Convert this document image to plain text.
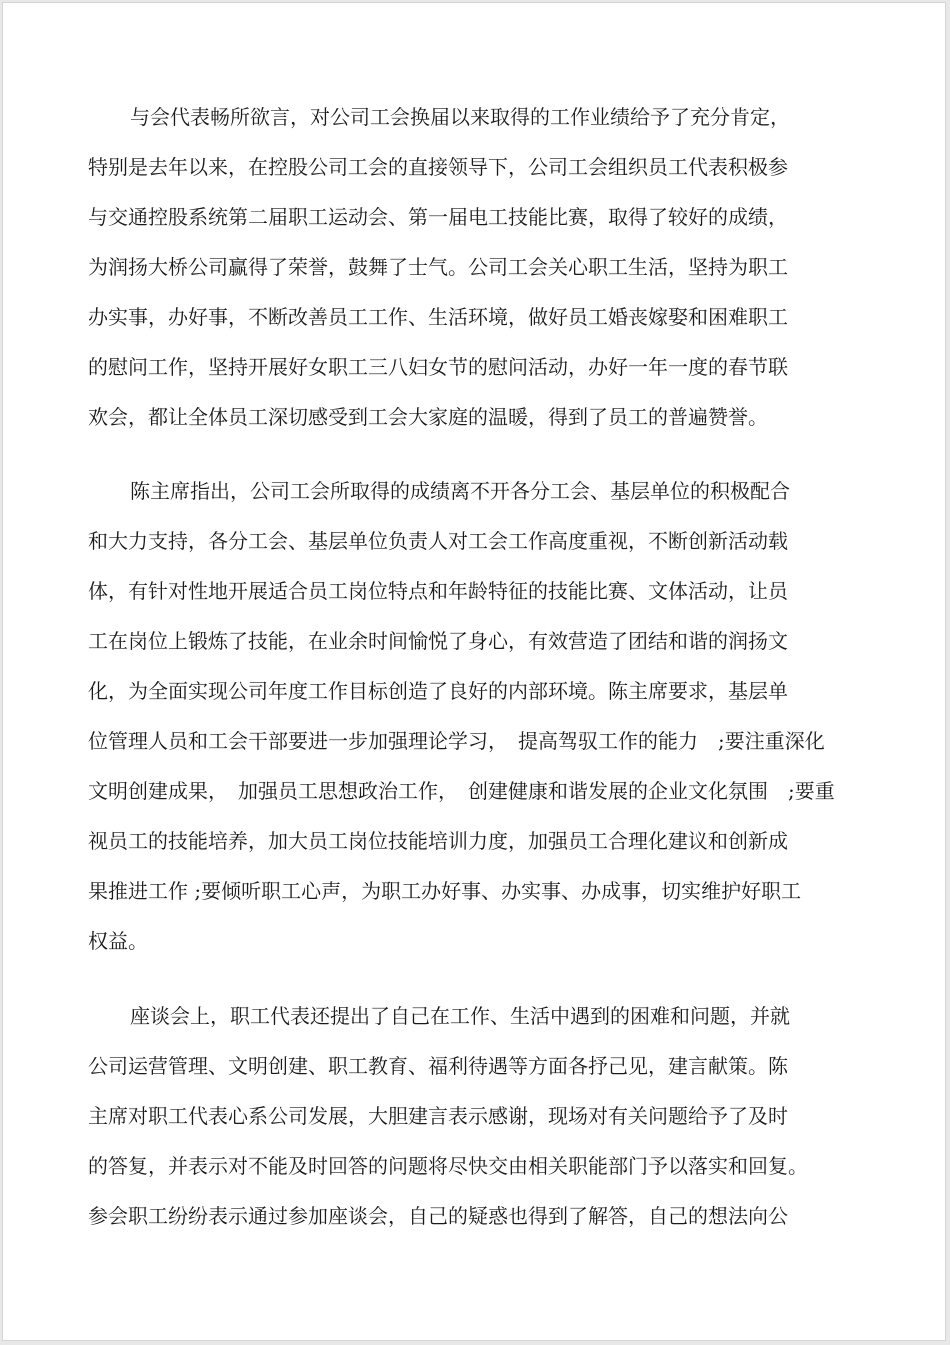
与会代表畅所欲言，对公司工会换届以来取得的工作业绩给予了充分肯定，
特别是去年以来，在控股公司工会的直接领导下，公司工会组织员工代表积极参
与交通控股系统第二届职工运动会、第一届电工技能比赛，取得了较好的成绩，
为润扬大桥公司赢得了荣誉，鼓舞了士气。公司工会关心职工生活，坚持为职工
办实事，办好事，不断改善员工工作、生活环境，做好员工婚丧嫁娶和困难职工
的慰问工作，坚持开展好女职工三八妇女节的慰问活动，办好一年一度的春节联
欢会，都让全体员工深切感受到工会大家庭的温暖，得到了员工的普遍赞誉。
陈主席指出，公司工会所取得的成绩离不开各分工会、基层单位的积极配合
和大力支持，各分工会、基层单位负责人对工会工作高度重视，不断创新活动载
体，有针对性地开展适合员工岗位特点和年龄特征的技能比赛、文体活动，让员
工在岗位上锻炼了技能，在业余时间愉悦了身心，有效营造了团结和谐的润扬文
化，为全面实现公司年度工作目标创造了良好的内部环境。陈主席要求，基层单
位管理人员和工会干部要进一步加强理论学习，　提高驾驭工作的能力　;要注重深化
文明创建成果，　加强员工思想政治工作，　创建健康和谐发展的企业文化氛围　;要重
视员工的技能培养，加大员工岗位技能培训力度，加强员工合理化建议和创新成
果推进工作 ;要倾听职工心声，为职工办好事、办实事、办成事，切实维护好职工
权益。
座谈会上，职工代表还提出了自己在工作、生活中遇到的困难和问题，并就
公司运营管理、文明创建、职工教育、福利待遇等方面各抒己见，建言献策。陈
主席对职工代表心系公司发展，大胆建言表示感谢，现场对有关问题给予了及时
的答复，并表示对不能及时回答的问题将尽快交由相关职能部门予以落实和回复。
参会职工纷纷表示通过参加座谈会，自己的疑惑也得到了解答，自己的想法向公
